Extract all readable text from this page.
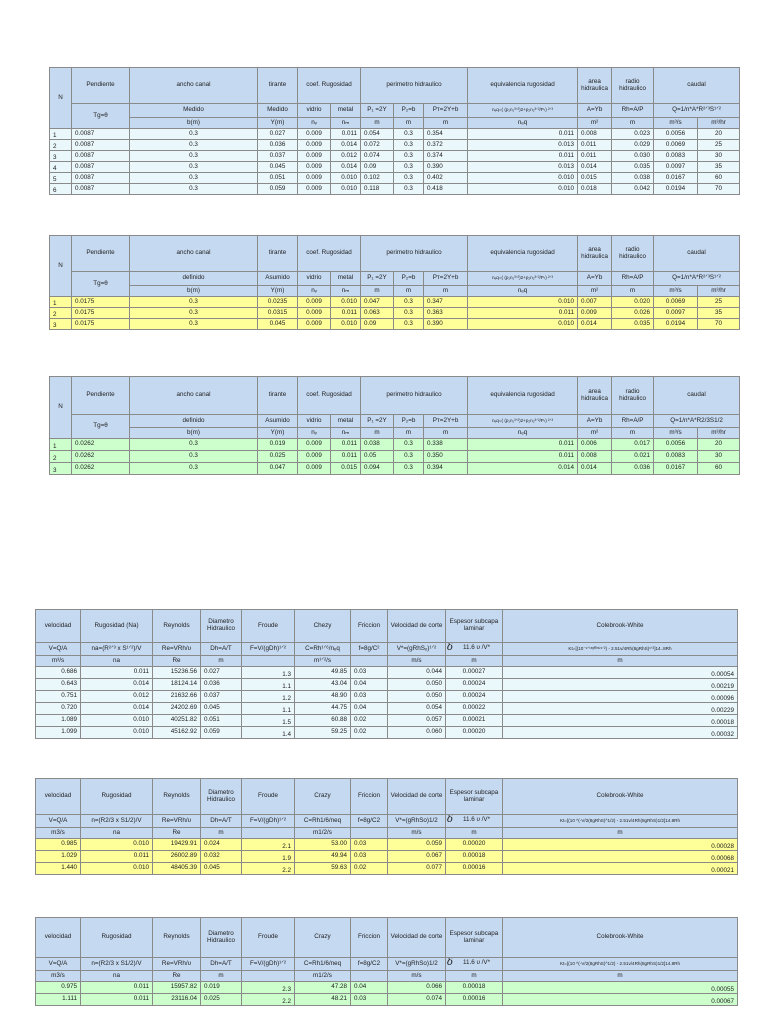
N	Pendiente	ancho canal	tirante	coef. Rugosidad		perimetro hidraulico			equivalencia rugosidad	area hidraulica	radio hidraulico	caudal	
	Tg=θ	Medido	Medido	vidrio	metal	P₁ =2Y	P₂=b	Pт=2Y+b	nₑq=( (p₁n₁³ᐟ²)2+p₂n₂³ᐟ²/Pₜ) ²ᐟ³	A=Yb	Rh=A/P	Q=1/n*A*R²ᐟ³S¹ᐟ²	
		b(m)	Y(m)	nᵥ	nₘ	m	m	m	nₑq	m²	m	m³/s	m³/hr
1	0.0087	0.3	0.027	0.009	0.011	0.054	0.3	0.354	0.011	0.008	0.023	0.0056	20
2	0.0087	0.3	0.036	0.009	0.014	0.072	0.3	0.372	0.013	0.011	0.029	0.0069	25
3	0.0087	0.3	0.037	0.009	0.012	0.074	0.3	0.374	0.011	0.011	0.030	0.0083	30
4	0.0087	0.3	0.045	0.009	0.014	0.09	0.3	0.390	0.013	0.014	0.035	0.0097	35
5	0.0087	0.3	0.051	0.009	0.010	0.102	0.3	0.402	0.010	0.015	0.038	0.0167	60
6	0.0087	0.3	0.059	0.009	0.010	0.118	0.3	0.418	0.010	0.018	0.042	0.0194	70
N	Pendiente	ancho canal	tirante	coef. Rugosidad		perimetro hidraulico			equivalencia rugosidad	area hidraulica	radio hidraulico	caudal	
	Tg=θ	definido	Asumido	vidrio	metal	P₁ =2Y	P₂=b	Pт=2Y+b	nₑq=( (p₁n₁³ᐟ²)2+p₂n₂³ᐟ²/Pₜ) ²ᐟ³	A=Yb	Rh=A/P	Q=1/n*A*R²ᐟ³S¹ᐟ²	
		b(m)	Y(m)	nᵥ	nₘ	m	m	m	nₑq	m²	m	m³/s	m³/hr
1	0.0175	0.3	0.0235	0.009	0.010	0.047	0.3	0.347	0.010	0.007	0.020	0.0069	25
2	0.0175	0.3	0.0315	0.009	0.011	0.063	0.3	0.363	0.011	0.009	0.026	0.0097	35
3	0.0175	0.3	0.045	0.009	0.010	0.09	0.3	0.390	0.010	0.014	0.035	0.0194	70
N	Pendiente	ancho canal	tirante	coef. Rugosidad		perimetro hidraulico			equivalencia rugosidad	area hidraulica	radio hidraulico	caudal	
	Tg=θ	definido	Asumido	vidrio	metal	P₁ =2Y	P₂=b	Pт=2Y+b	nₑq=( (p₁n₁³ᐟ²)2+p₂n₂³ᐟ²/Pₜ) ²ᐟ³	A=Yb	Rh=A/P	Q=1/n*A*R2/3S1/2	
		b(m)	Y(m)	nᵥ	nₘ	m	m	m	nₑq	m²	m	m³/s	m³/hr
1	0.0262	0.3	0.019	0.009	0.011	0.038	0.3	0.338	0.011	0.006	0.017	0.0056	20
2	0.0262	0.3	0.025	0.009	0.011	0.05	0.3	0.350	0.011	0.008	0.021	0.0083	30
3	0.0262	0.3	0.047	0.009	0.015	0.094	0.3	0.394	0.014	0.014	0.036	0.0167	60
velocidad	Rugosidad (Na)	Reynolds	Diametro Hidraulico	Froude	Chezy	Friccion	Velocidad de corte	Espesor subcapa laminar	Colebrook-White
V=Q/A	na=(R²ᐟ³ x S¹ᐟ²)/V	Re=VRh/υ	Dh=A/T	F=V/(gDh)¹ᐟ²	C=Rh¹ᐟ⁶/nₑq	f=8g/C²	V*=(gRhSₒ)¹ᐟ²	δ 11.6 υ /V*	Kt=[(10⁻ᵛᐟ⁽⁸ᵍᴿʰˢ⁾¹ᐟ²) - 2.51v/4Rh(8gRhS)¹ᐟ²]14..8Rh
m³/s	na	Re	m		m¹ᐟ²/s		m/s	m	m
0.686	0.011	15236.56	0.027	1.3	49.85	0.03	0.044	0.00027	0.00054
0.643	0.014	18124.14	0.036	1.1	43.04	0.04	0.050	0.00024	0.00219
0.751	0.012	21632.66	0.037	1.2	48.90	0.03	0.050	0.00024	0.00096
0.720	0.014	24202.69	0.045	1.1	44.75	0.04	0.054	0.00022	0.00229
1.089	0.010	40251.82	0.051	1.5	60.88	0.02	0.057	0.00021	0.00018
1.099	0.010	45162.92	0.059	1.4	59.25	0.02	0.060	0.00020	0.00032
velocidad	Rugosidad	Reynolds	Diametro Hidraulico	Froude	Crazy	Friccion	Velocidad de corte	Espesor subcapa laminar	Colebrook-White
V=Q/A	n=(R2/3 x S1/2)/V	Re=VRh/υ	Dh=A/T	F=V/(gDh)¹ᐟ²	C=Rh1/6/neq	f=8g/C2	V*=(gRhSo)1/2	δ 11.6 υ /V*	Kt=[(10 ^(-V/2(8gRhS)^1/2) - 2.51v/4Rh(8gRhS)1/2]14.8Rh
m3/s	na	Re	m		m1/2/s		m/s	m	m
0.985	0.010	19429.91	0.024	2.1	53.00	0.03	0.059	0.00020	0.00028
1.029	0.011	26002.89	0.032	1.9	49.94	0.03	0.067	0.00018	0.00068
1.440	0.010	48405.39	0.045	2.2	59.63	0.02	0.077	0.00016	0.00021
velocidad	Rugosidad	Reynolds	Diametro Hidraulico	Froude	Crazy	Friccion	Velocidad de corte	Espesor subcapa laminar	Colebrook-White
V=Q/A	n=(R2/3 x S1/2)/V	Re=VRh/υ	Dh=A/T	F=V/(gDh)¹ᐟ²	C=Rh1/6/neq	f=8g/C2	V*=(gRhSo)1/2	δ 11.6 υ /V*	Kt=[(10 ^(-V/2(8gRhS)^1/2) - 2.51v/4Rh(8gRhS)1/2]14.8Rh
m3/s	na	Re	m		m1/2/s		m/s	m	m
0.975	0.011	15957.82	0.019	2.3	47.28	0.04	0.066	0.00018	0.00055
1.111	0.011	23116.04	0.025	2.2	48.21	0.03	0.074	0.00016	0.00067
